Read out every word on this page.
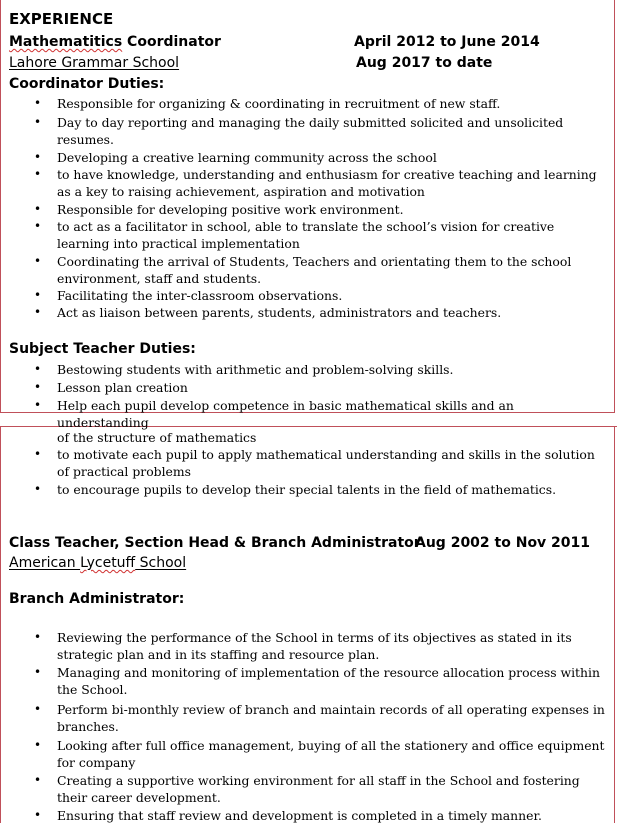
EXPERIENCE
Mathematitics Coordinator	April 2012 to June 2014
Lahore Grammar School	Aug 2017 to date
Coordinator Duties:
• Responsible for organizing & coordinating in recruitment of new staff.
• Day to day reporting and managing the daily submitted solicited and unsolicited resumes.
• Developing a creative learning community across the school
• to have knowledge, understanding and enthusiasm for creative teaching and learning as a key to raising achievement, aspiration and motivation
• Responsible for developing positive work environment.
• to act as a facilitator in school, able to translate the school’s vision for creative learning into practical implementation
• Coordinating the arrival of Students, Teachers and orientating them to the school environment, staff and students.
• Facilitating the inter-classroom observations.
• Act as liaison between parents, students, administrators and teachers.
Subject Teacher Duties:
• Bestowing students with arithmetic and problem-solving skills.
• Lesson plan creation
• Help each pupil develop competence in basic mathematical skills and an understanding
of the structure of mathematics
• to motivate each pupil to apply mathematical understanding and skills in the solution of practical problems
• to encourage pupils to develop their special talents in the field of mathematics.
Class Teacher, Section Head & Branch Administrator
Aug 2002 to Nov 2011
American Lycetuff School
Branch Administrator:
• Reviewing the performance of the School in terms of its objectives as stated in its strategic plan and in its staffing and resource plan.
• Managing and monitoring of implementation of the resource allocation process within the School.
• Perform bi-monthly review of branch and maintain records of all operating expenses in branches.
• Looking after full office management, buying of all the stationery and office equipment for company
• Creating a supportive working environment for all staff in the School and fostering their career development.
• Ensuring that staff review and development is completed in a timely manner.
